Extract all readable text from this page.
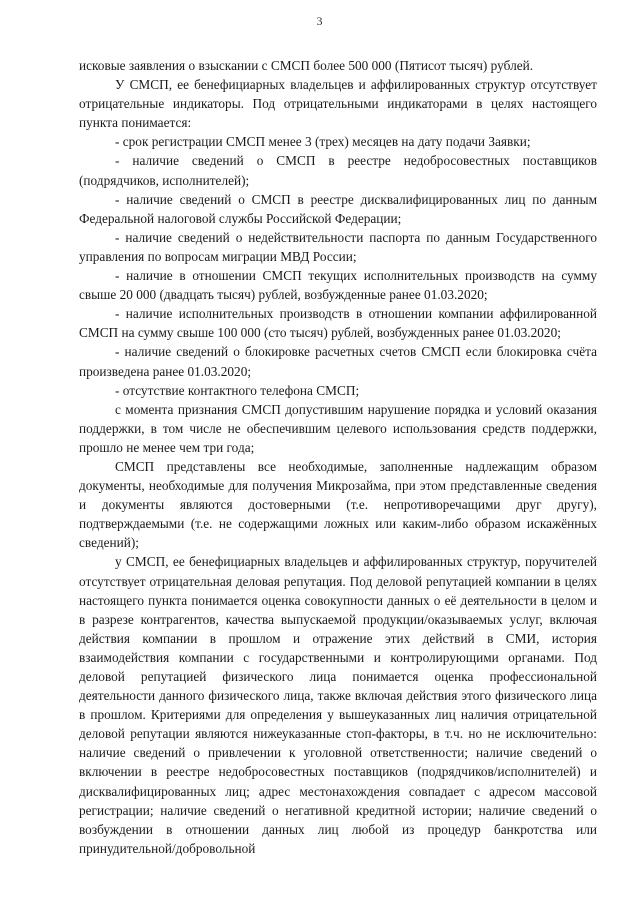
3

исковые заявления о взыскании с СМСП более 500 000 (Пятисот тысяч) рублей.

У СМСП, ее бенефициарных владельцев и аффилированных структур отсутствует отрицательные индикаторы. Под отрицательными индикаторами в целях настоящего пункта понимается:

- срок регистрации СМСП менее 3 (трех) месяцев на дату подачи Заявки;

- наличие сведений о СМСП в реестре недобросовестных поставщиков (подрядчиков, исполнителей);

- наличие сведений о СМСП в реестре дисквалифицированных лиц по данным Федеральной налоговой службы Российской Федерации;

- наличие сведений о недействительности паспорта по данным Государственного управления по вопросам миграции МВД России;

- наличие в отношении СМСП текущих исполнительных производств на сумму свыше 20 000 (двадцать тысяч) рублей, возбужденные ранее 01.03.2020;

- наличие исполнительных производств в отношении компании аффилированной СМСП на сумму свыше 100 000 (сто тысяч) рублей, возбужденных ранее 01.03.2020;

- наличие сведений о блокировке расчетных счетов СМСП если блокировка счёта произведена ранее 01.03.2020;

- отсутствие контактного телефона СМСП;

с момента признания СМСП допустившим нарушение порядка и условий оказания поддержки, в том числе не обеспечившим целевого использования средств поддержки, прошло не менее чем три года;

СМСП представлены все необходимые, заполненные надлежащим образом документы, необходимые для получения Микрозайма, при этом представленные сведения и документы являются достоверными (т.е. непротиворечащими друг другу), подтверждаемыми (т.е. не содержащими ложных или каким-либо образом искажённых сведений);

у СМСП, ее бенефициарных владельцев и аффилированных структур, поручителей отсутствует отрицательная деловая репутация. Под деловой репутацией компании в целях настоящего пункта понимается оценка совокупности данных о её деятельности в целом и в разрезе контрагентов, качества выпускаемой продукции/оказываемых услуг, включая действия компании в прошлом и отражение этих действий в СМИ, история взаимодействия компании с государственными и контролирующими органами. Под деловой репутацией физического лица понимается оценка профессиональной деятельности данного физического лица, также включая действия этого физического лица в прошлом. Критериями для определения у вышеуказанных лиц наличия отрицательной деловой репутации являются нижеуказанные стоп-факторы, в т.ч. но не исключительно: наличие сведений о привлечении к уголовной ответственности; наличие сведений о включении в реестре недобросовестных поставщиков (подрядчиков/исполнителей) и дисквалифицированных лиц; адрес местонахождения совпадает с адресом массовой регистрации; наличие сведений о негативной кредитной истории; наличие сведений о возбуждении в отношении данных лиц любой из процедур банкротства или принудительной/добровольной
